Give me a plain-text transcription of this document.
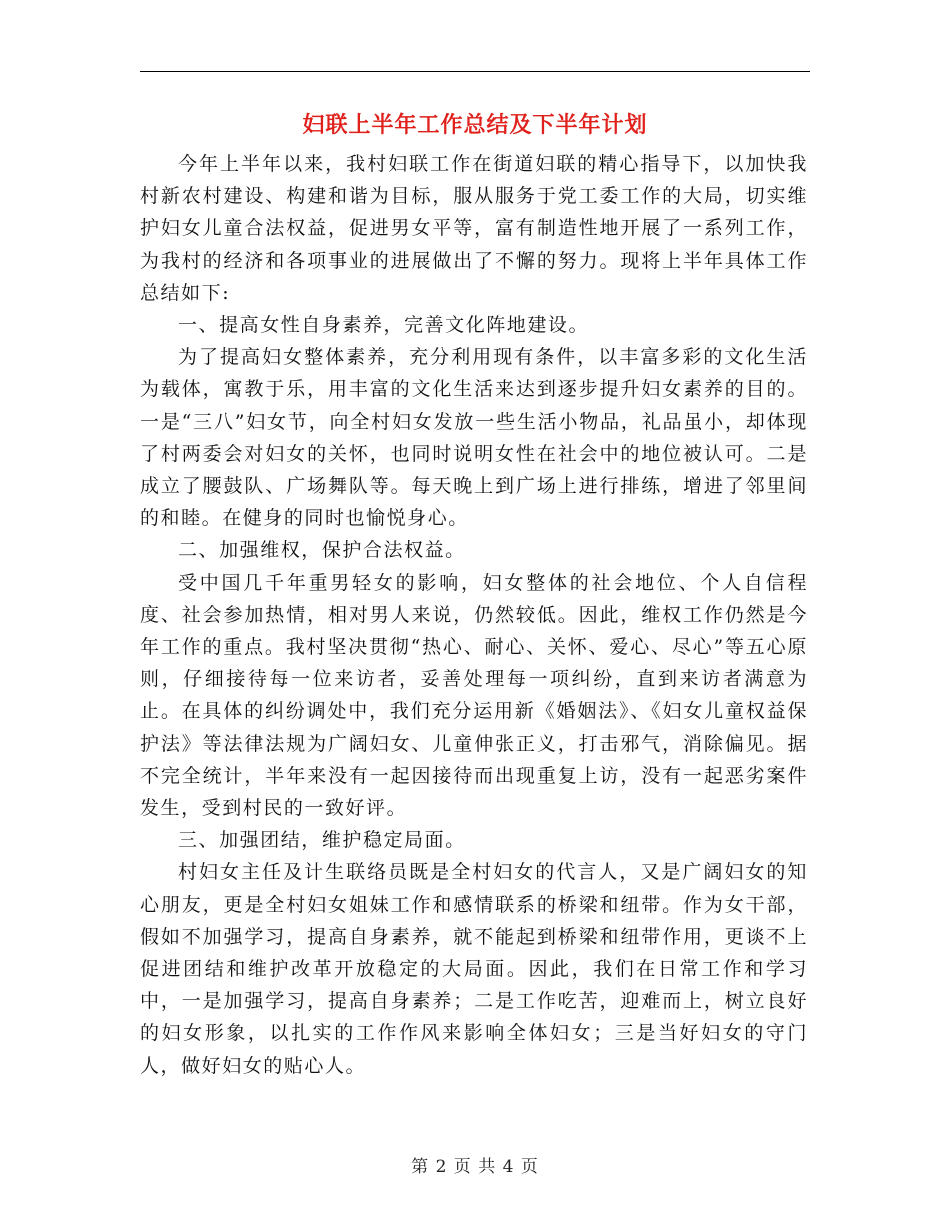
妇联上半年工作总结及下半年计划

今年上半年以来，我村妇联工作在街道妇联的精心指导下，以加快我村新农村建设、构建和谐为目标，服从服务于党工委工作的大局，切实维护妇女儿童合法权益，促进男女平等，富有制造性地开展了一系列工作，为我村的经济和各项事业的进展做出了不懈的努力。现将上半年具体工作总结如下:

一、提高女性自身素养，完善文化阵地建设。

为了提高妇女整体素养，充分利用现有条件，以丰富多彩的文化生活为载体，寓教于乐，用丰富的文化生活来达到逐步提升妇女素养的目的。一是“三八”妇女节，向全村妇女发放一些生活小物品，礼品虽小，却体现了村两委会对妇女的关怀，也同时说明女性在社会中的地位被认可。二是成立了腰鼓队、广场舞队等。每天晚上到广场上进行排练，增进了邻里间的和睦。在健身的同时也愉悦身心。

二、加强维权，保护合法权益。

受中国几千年重男轻女的影响，妇女整体的社会地位、个人自信程度、社会参加热情，相对男人来说，仍然较低。因此，维权工作仍然是今年工作的重点。我村坚决贯彻“热心、耐心、关怀、爱心、尽心”等五心原则，仔细接待每一位来访者，妥善处理每一项纠纷，直到来访者满意为止。在具体的纠纷调处中，我们充分运用新《婚姻法》、《妇女儿童权益保护法》等法律法规为广阔妇女、儿童伸张正义，打击邪气，消除偏见。据不完全统计，半年来没有一起因接待而出现重复上访，没有一起恶劣案件发生，受到村民的一致好评。

三、加强团结，维护稳定局面。

村妇女主任及计生联络员既是全村妇女的代言人，又是广阔妇女的知心朋友，更是全村妇女姐妹工作和感情联系的桥梁和纽带。作为女干部，假如不加强学习，提高自身素养，就不能起到桥梁和纽带作用，更谈不上促进团结和维护改革开放稳定的大局面。因此，我们在日常工作和学习中，一是加强学习，提高自身素养；二是工作吃苦，迎难而上，树立良好的妇女形象，以扎实的工作作风来影响全体妇女；三是当好妇女的守门人，做好妇女的贴心人。

第 2 页 共 4 页
